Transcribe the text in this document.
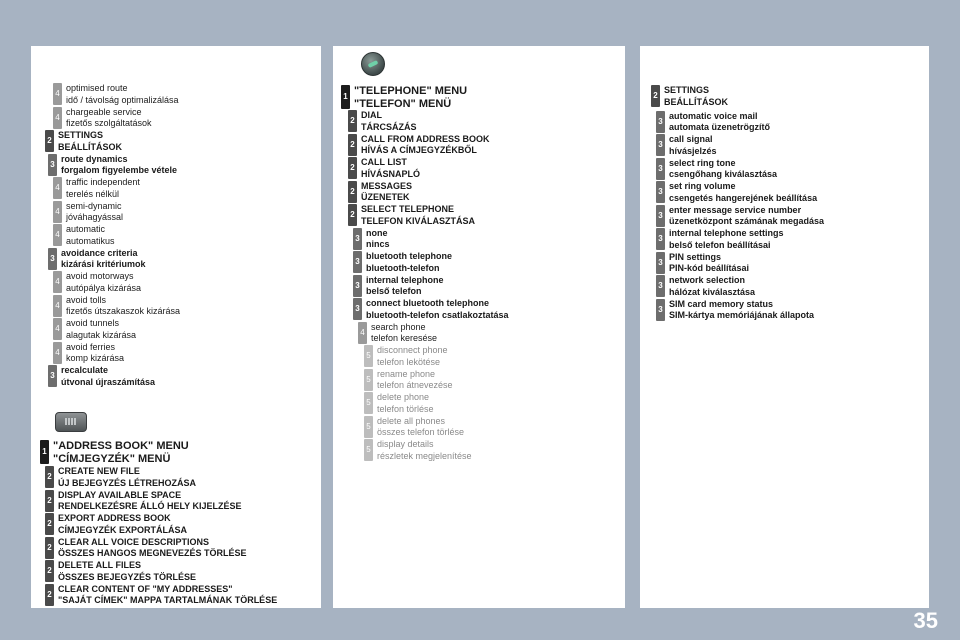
4
optimised route
idő / távolság optimalizálása
4
chargeable service
fizetős szolgáltatások
2
SETTINGS
BEÁLLÍTÁSOK
3
route dynamics
forgalom figyelembe vétele
4
traffic independent
terelés nélkül
4
semi-dynamic
jóváhagyással
4
automatic
automatikus
3
avoidance criteria
kizárási kritériumok
4
avoid motorways
autópálya kizárása
4
avoid tolls
fizetős útszakaszok kizárása
4
avoid tunnels
alagutak kizárása
4
avoid ferries
komp kizárása
3
recalculate
útvonal újraszámítása
1 "ADDRESS BOOK" MENU
"CÍMJEGYZÉK" MENÜ
2
CREATE NEW FILE
ÚJ BEJEGYZÉS LÉTREHOZÁSA
2
DISPLAY AVAILABLE SPACE
RENDELKEZÉSRE ÁLLÓ HELY KIJELZÉSE
2
EXPORT ADDRESS BOOK
CÍMJEGYZÉK EXPORTÁLÁSA
2
CLEAR ALL VOICE DESCRIPTIONS
ÖSSZES HANGOS MEGNEVEZÉS TÖRLÉSE
2
DELETE ALL FILES
ÖSSZES BEJEGYZÉS TÖRLÉSE
2
CLEAR CONTENT OF "MY ADDRESSES"
"SAJÁT CÍMEK" MAPPA TARTALMÁNAK TÖRLÉSE
1 "TELEPHONE" MENU
"TELEFON" MENÜ
2
DIAL
TÁRCSÁZÁS
2
CALL FROM ADDRESS BOOK
HÍVÁS A CÍMJEGYZÉKBŐL
2
CALL LIST
HÍVÁSNAPLÓ
2
MESSAGES
ÜZENETEK
2
SELECT TELEPHONE
TELEFON KIVÁLASZTÁSA
3
none
nincs
3
bluetooth telephone
bluetooth-telefon
3
internal telephone
belső telefon
3
connect bluetooth telephone
bluetooth-telefon csatlakoztatása
4
search phone
telefon keresése
5
disconnect phone
telefon lekötése
5
rename phone
telefon átnevezése
5
delete phone
telefon törlése
5
delete all phones
összes telefon törlése
5
display details
részletek megjelenítése
2
SETTINGS
BEÁLLÍTÁSOK
3
automatic voice mail
automata üzenetrögzítő
3
call signal
hívásjelzés
3
select ring tone
csengőhang kiválasztása
3
set ring volume
csengetés hangerejének beállítása
3
enter message service number
üzenetközpont számának megadása
3
internal telephone settings
belső telefon beállításai
3
PIN settings
PIN-kód beállításai
3
network selection
hálózat kiválasztása
3
SIM card memory status
SIM-kártya memóriájának állapota
35
